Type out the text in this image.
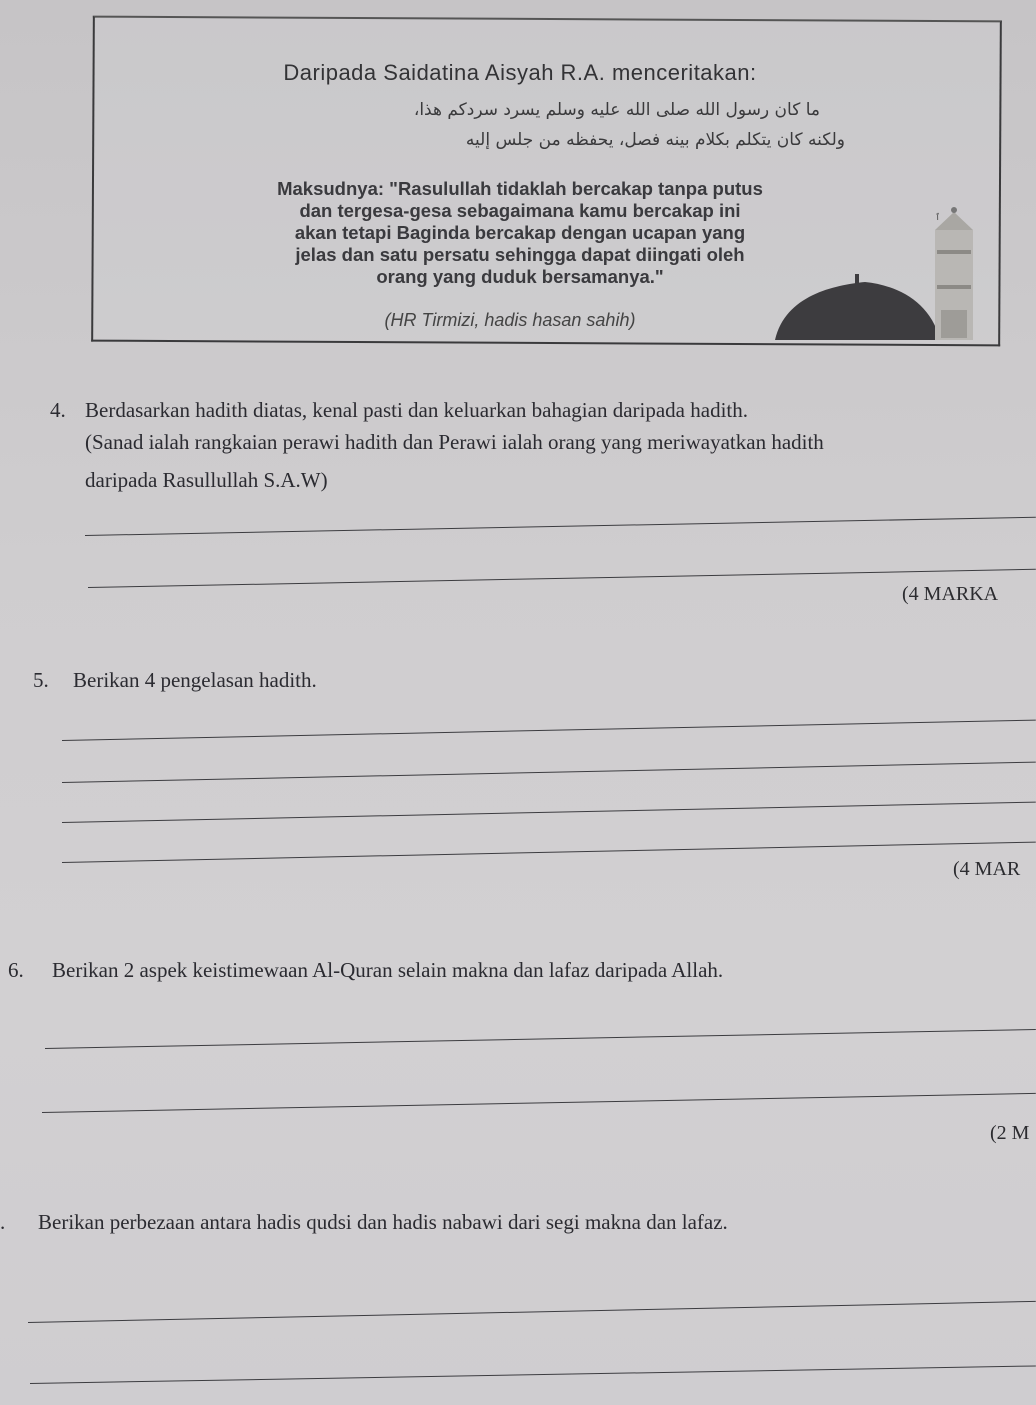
Daripada Saidatina Aisyah R.A. menceritakan:
ما كان رسول الله صلى الله عليه وسلم يسرد سردكم هذا،
ولكنه كان يتكلم بكلام بينه فصل، يحفظه من جلس إليه
Maksudnya: "Rasulullah tidaklah bercakap tanpa putus
dan tergesa-gesa sebagaimana kamu bercakap ini
akan tetapi Baginda bercakap dengan ucapan yang
jelas dan satu persatu sehingga dapat diingati oleh
orang yang duduk bersamanya."
(HR Tirmizi, hadis hasan sahih)
ٱ
4. Berdasarkan hadith diatas, kenal pasti dan keluarkan bahagian daripada hadith.
(Sanad ialah rangkaian perawi hadith dan Perawi ialah orang yang meriwayatkan hadith
daripada Rasullullah S.A.W)
(4 MARKA
5. Berikan 4 pengelasan hadith.
(4 MAR
6. Berikan 2 aspek keistimewaan Al-Quran selain makna dan lafaz daripada Allah.
(2 M
. Berikan perbezaan antara hadis qudsi dan hadis nabawi dari segi makna dan lafaz.
